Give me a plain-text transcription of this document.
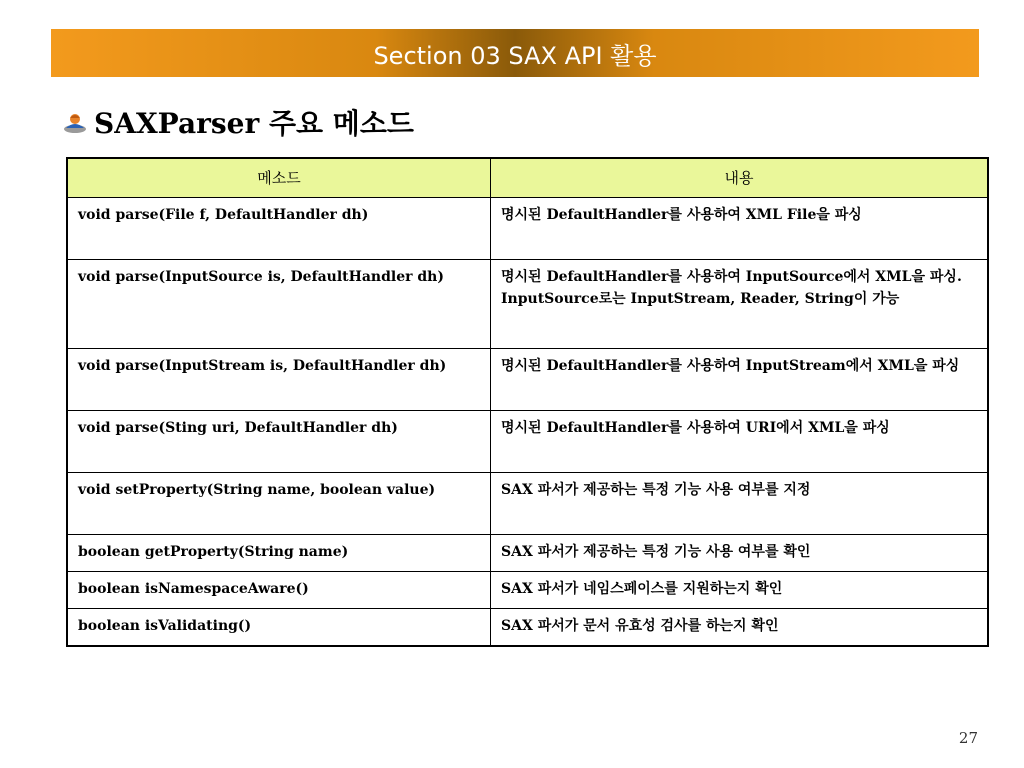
Section 03 SAX API 활용
SAXParser 주요 메소드
메소드	내용
void parse(File f, DefaultHandler dh)	명시된 DefaultHandler를 사용하여 XML File을 파싱
void parse(InputSource is, DefaultHandler dh)	명시된 DefaultHandler를 사용하여 InputSource에서 XML을 파싱. InputSource로는 InputStream, Reader, String이 가능
void parse(InputStream is, DefaultHandler dh)	명시된 DefaultHandler를 사용하여 InputStream에서 XML을 파싱
void parse(Sting uri, DefaultHandler dh)	명시된 DefaultHandler를 사용하여 URI에서 XML을 파싱
void setProperty(String name, boolean value)	SAX 파서가 제공하는 특정 기능 사용 여부를 지정
boolean getProperty(String name)	SAX 파서가 제공하는 특정 기능 사용 여부를 확인
boolean isNamespaceAware()	SAX 파서가 네임스페이스를 지원하는지 확인
boolean isValidating()	SAX 파서가 문서 유효성 검사를 하는지 확인
27
